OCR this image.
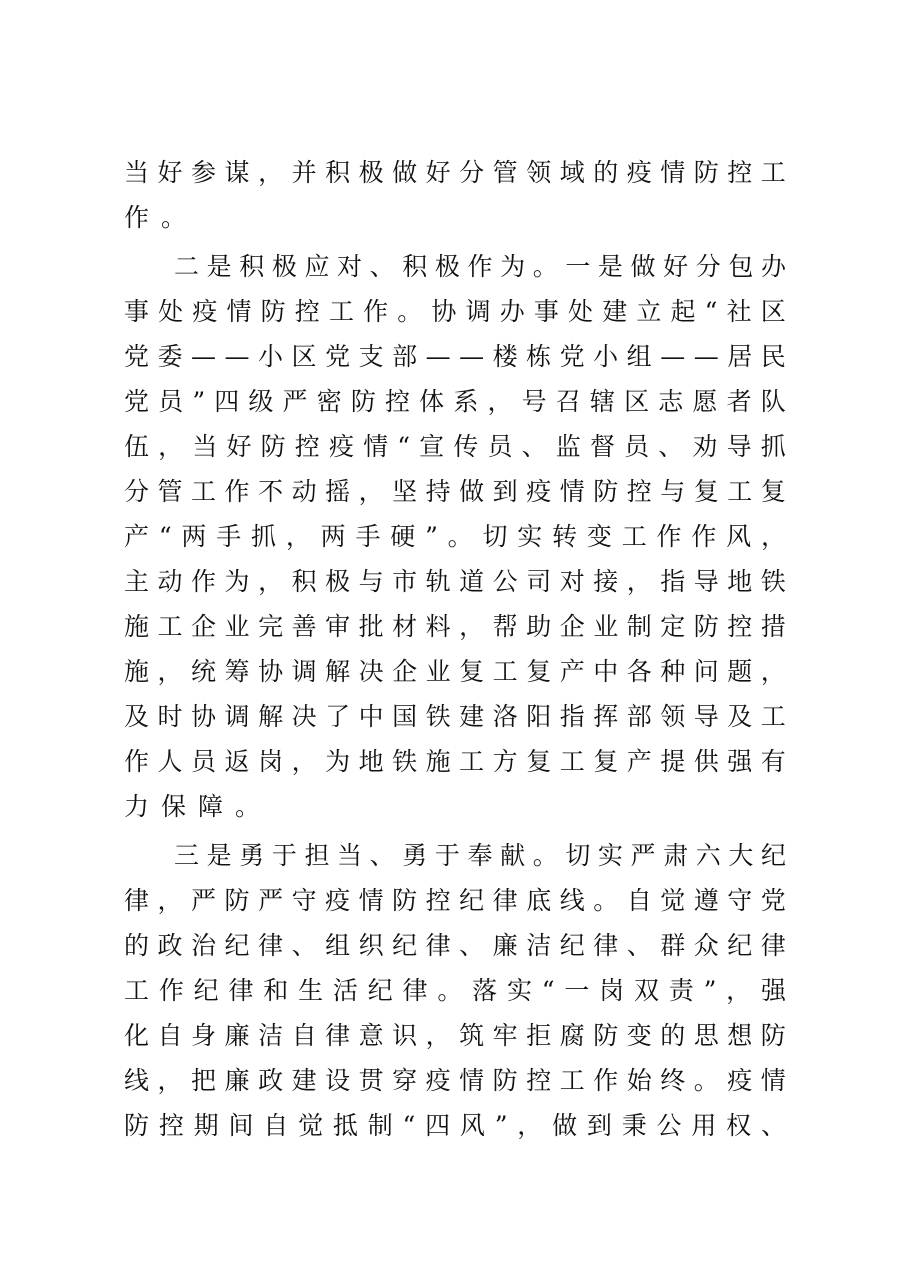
当 好 参 谋 ， 并 积 极 做 好 分 管 领 域 的 疫 情 防 控 工
作。
二 是 积 极 应 对 、 积 极 作 为 。 一 是 做 好 分 包 办
事 处 疫 情 防 控 工 作 。 协 调 办 事 处 建 立 起 “ 社 区
党 委 — — 小 区 党 支 部 — — 楼 栋 党 小 组 — — 居 民
党 员 ” 四 级 严 密 防 控 体 系 ， 号 召 辖 区 志 愿 者 队
伍 ， 当 好 防 控 疫 情 “ 宣 传 员 、 监 督 员 、 劝 导 抓
分 管 工 作 不 动 摇 ， 坚 持 做 到 疫 情 防 控 与 复 工 复
产 “ 两 手 抓 ， 两 手 硬 ” 。 切 实 转 变 工 作 作 风 ，
主 动 作 为 ， 积 极 与 市 轨 道 公 司 对 接 ， 指 导 地 铁
施 工 企 业 完 善 审 批 材 料 ， 帮 助 企 业 制 定 防 控 措
施 ， 统 筹 协 调 解 决 企 业 复 工 复 产 中 各 种 问 题 ，
及 时 协 调 解 决 了 中 国 铁 建 洛 阳 指 挥 部 领 导 及 工
作 人 员 返 岗 ， 为 地 铁 施 工 方 复 工 复 产 提 供 强 有
力保障。
三 是 勇 于 担 当 、 勇 于 奉 献 。 切 实 严 肃 六 大 纪
律 ， 严 防 严 守 疫 情 防 控 纪 律 底 线 。 自 觉 遵 守 党
的 政 治 纪 律 、 组 织 纪 律 、 廉 洁 纪 律 、 群 众 纪 律
工 作 纪 律 和 生 活 纪 律 。 落 实 “ 一 岗 双 责 ” ， 强
化 自 身 廉 洁 自 律 意 识 ， 筑 牢 拒 腐 防 变 的 思 想 防
线 ， 把 廉 政 建 设 贯 穿 疫 情 防 控 工 作 始 终 。 疫 情
防 控 期 间 自 觉 抵 制 “ 四 风 ” ， 做 到 秉 公 用 权 、
